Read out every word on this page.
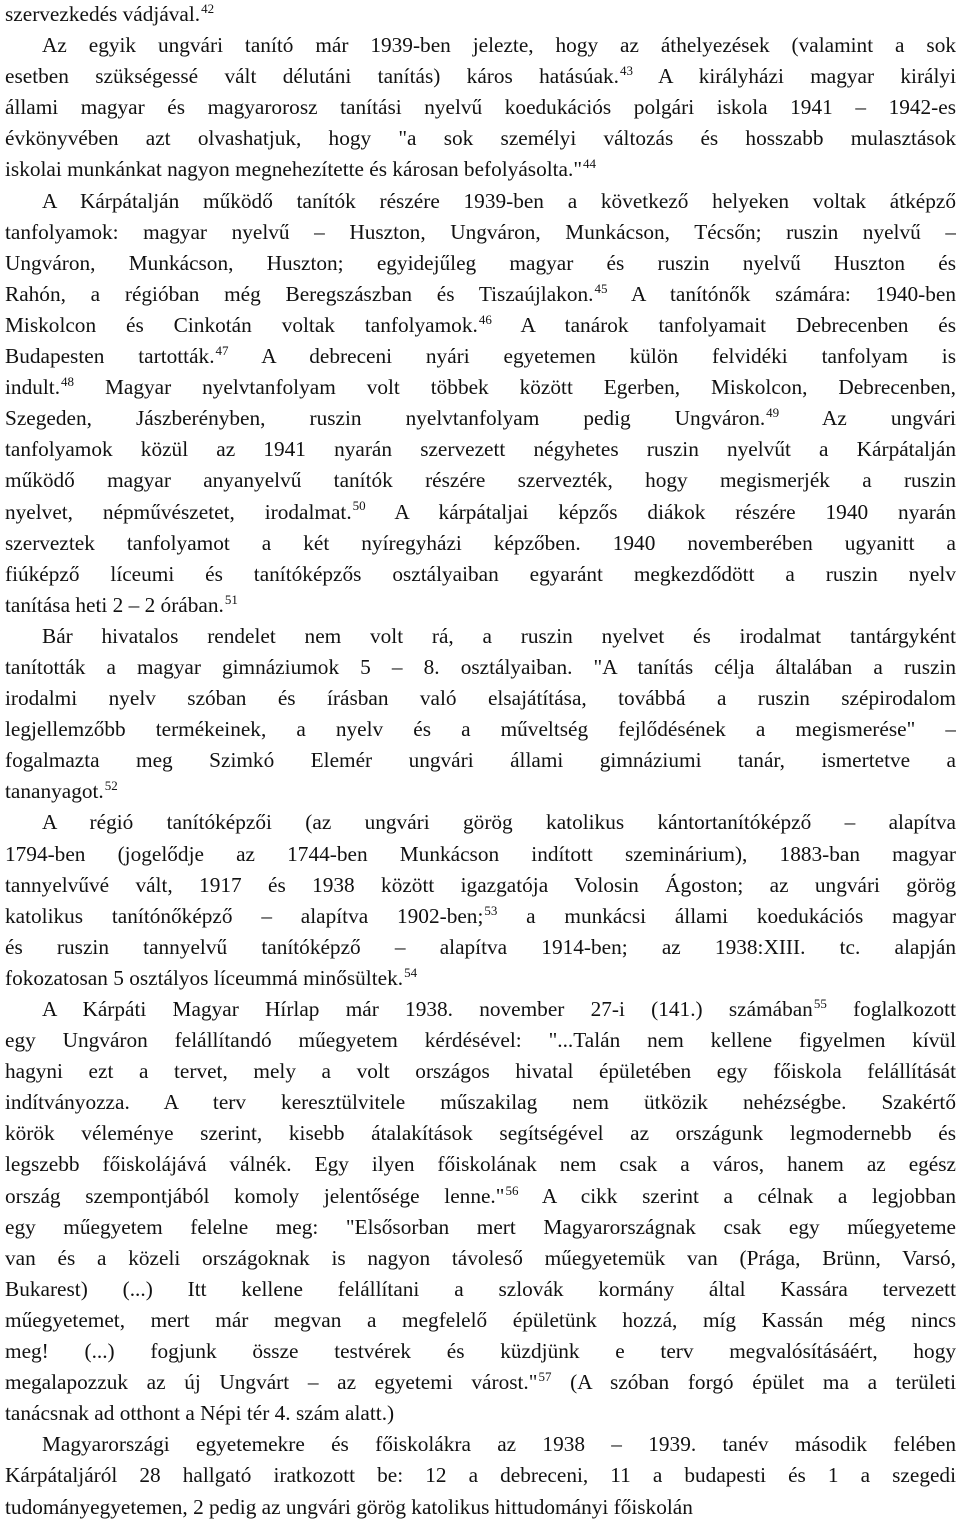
szervezkedés vádjával.$^{42}$
Az egyik ungvári tanító már 1939-ben jelezte, hogy az áthelyezések (valamint a sok
esetben szükségessé vált délutáni tanítás) káros hatásúak.$^{43}$ A királyházi magyar királyi
állami magyar és magyarorosz tanítási nyelvű koedukációs polgári iskola 1941 – 1942-es
évkönyvében azt olvashatjuk, hogy "a sok személyi változás és hosszabb mulasztások
iskolai munkánkat nagyon megnehezítette és károsan befolyásolta."$^{44}$
A Kárpátalján működő tanítók részére 1939-ben a következő helyeken voltak átképző
tanfolyamok: magyar nyelvű – Huszton, Ungváron, Munkácson, Técsőn; ruszin nyelvű –
Ungváron, Munkácson, Huszton; egyidejűleg magyar és ruszin nyelvű Huszton és
Rahón, a régióban még Beregszászban és Tiszaújlakon.$^{45}$ A tanítónők számára: 1940-ben
Miskolcon és Cinkotán voltak tanfolyamok.$^{46}$ A tanárok tanfolyamait Debrecenben és
Budapesten tartották.$^{47}$ A debreceni nyári egyetemen külön felvidéki tanfolyam is
indult.$^{48}$ Magyar nyelvtanfolyam volt többek között Egerben, Miskolcon, Debrecenben,
Szegeden, Jászberényben, ruszin nyelvtanfolyam pedig Ungváron.$^{49}$ Az ungvári
tanfolyamok közül az 1941 nyarán szervezett négyhetes ruszin nyelvűt a Kárpátalján
működő magyar anyanyelvű tanítók részére szervezték, hogy megismerjék a ruszin
nyelvet, népművészetet, irodalmat.$^{50}$ A kárpátaljai képzős diákok részére 1940 nyarán
szerveztek tanfolyamot a két nyíregyházi képzőben. 1940 novemberében ugyanitt a
fiúképző líceumi és tanítóképzős osztályaiban egyaránt megkezdődött a ruszin nyelv
tanítása heti 2 – 2 órában.$^{51}$
Bár hivatalos rendelet nem volt rá, a ruszin nyelvet és irodalmat tantárgyként
tanították a magyar gimnáziumok 5 – 8. osztályaiban. "A tanítás célja általában a ruszin
irodalmi nyelv szóban és írásban való elsajátítása, továbbá a ruszin szépirodalom
legjellemzőbb termékeinek, a nyelv és a műveltség fejlődésének a megismerése" –
fogalmazta meg Szimkó Elemér ungvári állami gimnáziumi tanár, ismertetve a
tananyagot.$^{52}$
A régió tanítóképzői (az ungvári görög katolikus kántortanítóképző – alapítva
1794-ben (jogelődje az 1744-ben Munkácson indított szeminárium), 1883-ban magyar
tannyelvűvé vált, 1917 és 1938 között igazgatója Volosin Ágoston; az ungvári görög
katolikus tanítónőképző – alapítva 1902-ben;$^{53}$ a munkácsi állami koedukációs magyar
és ruszin tannyelvű tanítóképző – alapítva 1914-ben; az 1938:XIII. tc. alapján
fokozatosan 5 osztályos líceummá minősültek.$^{54}$
A Kárpáti Magyar Hírlap már 1938. november 27-i (141.) számában$^{55}$ foglalkozott
egy Ungváron felállítandó műegyetem kérdésével: "...Talán nem kellene figyelmen kívül
hagyni ezt a tervet, mely a volt országos hivatal épületében egy főiskola felállítását
indítványozza. A terv keresztülvitele műszakilag nem ütközik nehézségbe. Szakértő
körök véleménye szerint, kisebb átalakítások segítségével az országunk legmodernebb és
legszebb főiskolájává válnék. Egy ilyen főiskolának nem csak a város, hanem az egész
ország szempontjából komoly jelentősége lenne."$^{56}$ A cikk szerint a célnak a legjobban
egy műegyetem felelne meg: "Elsősorban mert Magyarországnak csak egy műegyeteme
van és a közeli országoknak is nagyon távoleső műegyetemük van (Prága, Brünn, Varsó,
Bukarest) (...) Itt kellene felállítani a szlovák kormány által Kassára tervezett
műegyetemet, mert már megvan a megfelelő épületünk hozzá, míg Kassán még nincs
meg! (...) fogjunk össze testvérek és küzdjünk e terv megvalósításáért, hogy
megalapozzuk az új Ungvárt – az egyetemi várost."$^{57}$ (A szóban forgó épület ma a területi
tanácsnak ad otthont a Népi tér 4. szám alatt.)
Magyarországi egyetemekre és főiskolákra az 1938 – 1939. tanév második felében
Kárpátaljáról 28 hallgató iratkozott be: 12 a debreceni, 11 a budapesti és 1 a szegedi
tudományegyetemen, 2 pedig az ungvári görög katolikus hittudományi főiskolán
